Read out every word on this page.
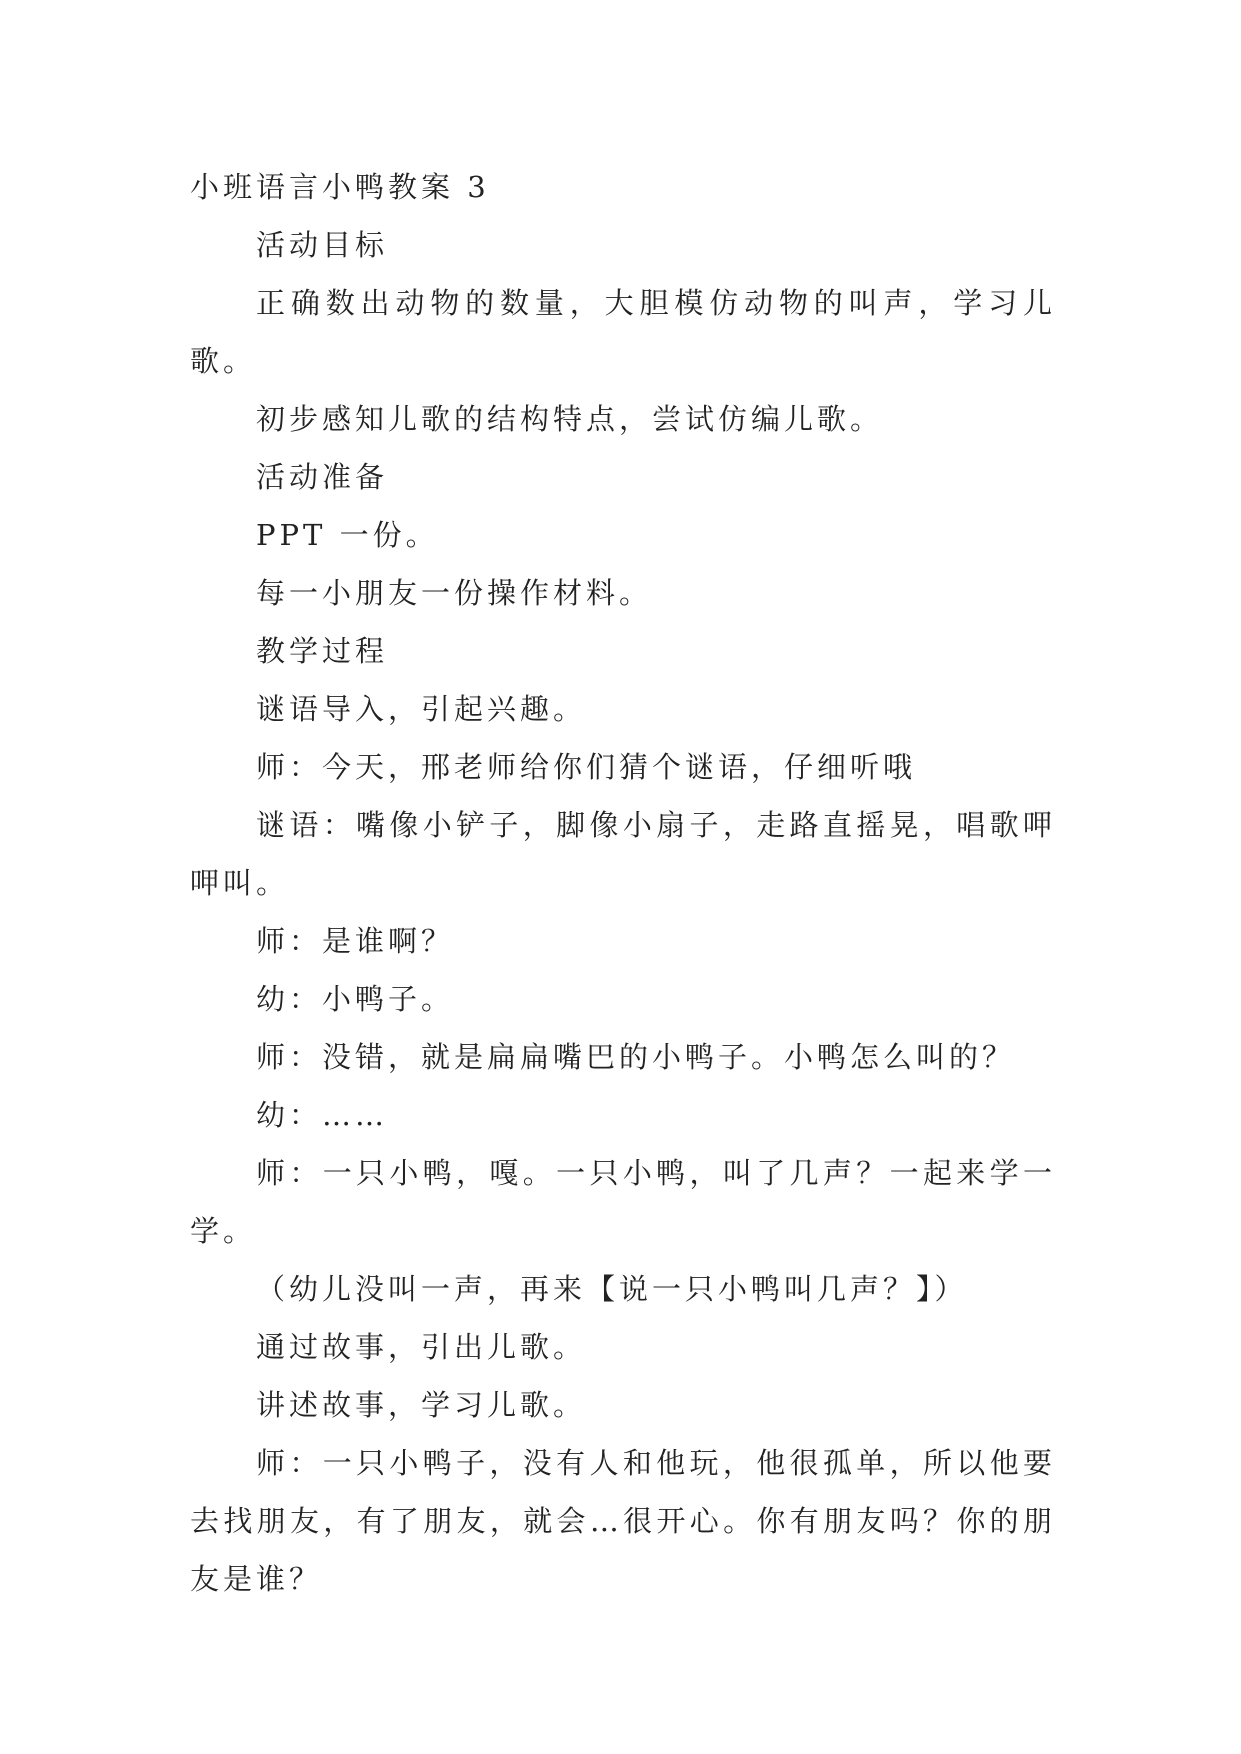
小班语言小鸭教案 3

活动目标

正确数出动物的数量，大胆模仿动物的叫声，学习儿歌。

初步感知儿歌的结构特点，尝试仿编儿歌。

活动准备

PPT 一份。

每一小朋友一份操作材料。

教学过程

谜语导入，引起兴趣。

师：今天，邢老师给你们猜个谜语，仔细听哦

谜语：嘴像小铲子，脚像小扇子，走路直摇晃，唱歌呷呷叫。

师：是谁啊？

幼：小鸭子。

师：没错，就是扁扁嘴巴的小鸭子。小鸭怎么叫的？

幼：……

师：一只小鸭，嘎。一只小鸭，叫了几声？一起来学一学。

（幼儿没叫一声，再来【说一只小鸭叫几声？】）

通过故事，引出儿歌。

讲述故事，学习儿歌。

师：一只小鸭子，没有人和他玩，他很孤单，所以他要去找朋友，有了朋友，就会…很开心。你有朋友吗？你的朋友是谁？
